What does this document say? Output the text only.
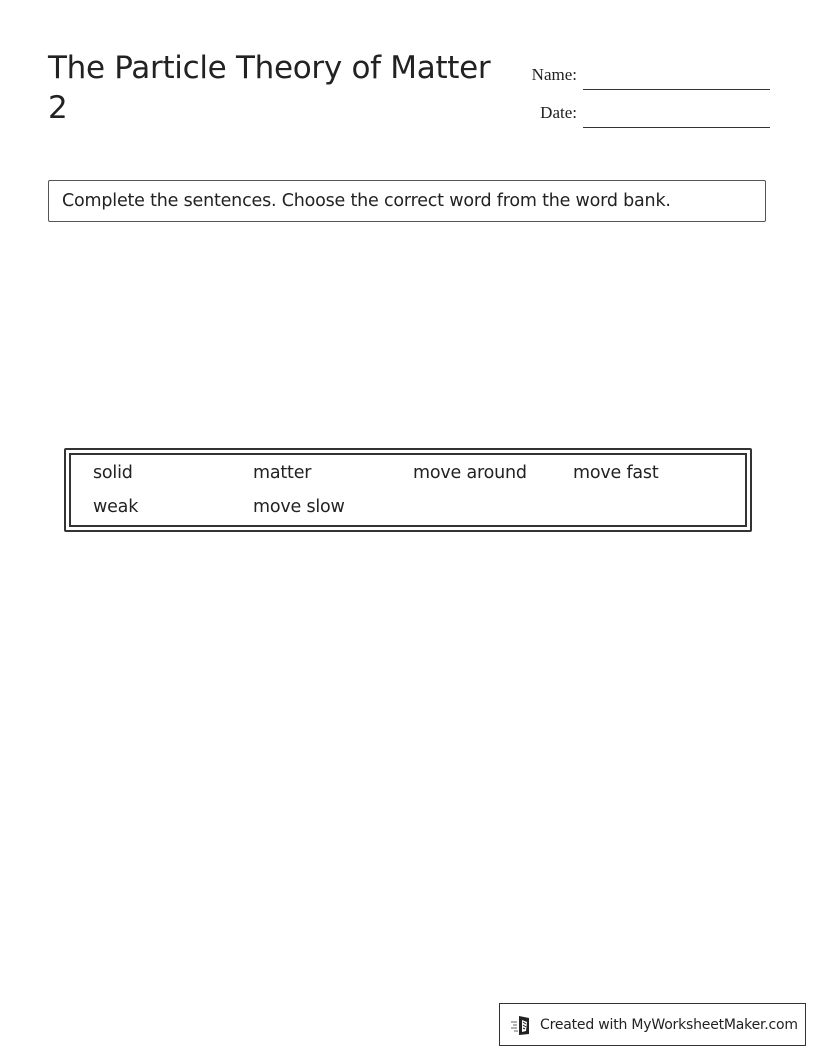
The Particle Theory of Matter 2
Name:
Date:
Complete the sentences. Choose the correct word from the word bank.
solid	matter	move around	move fast
weak	move slow
Created with MyWorksheetMaker.com
